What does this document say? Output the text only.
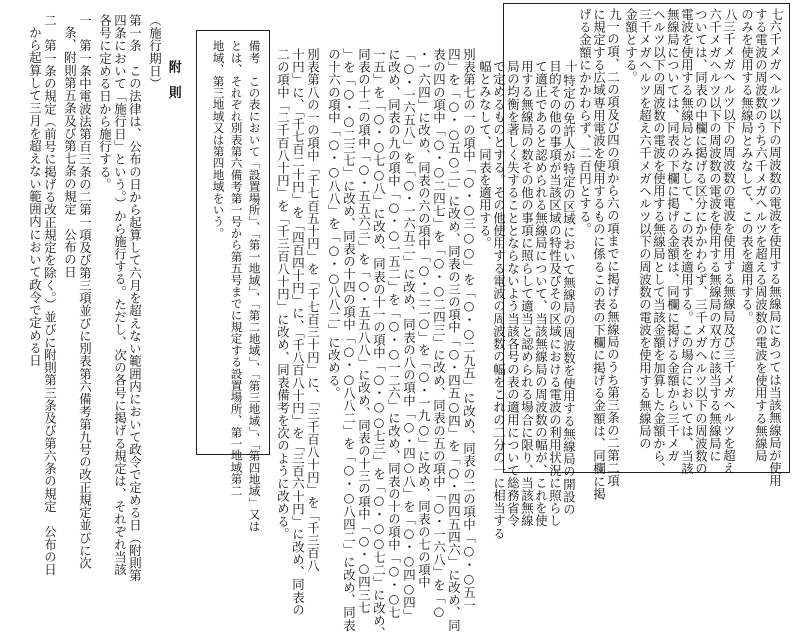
七
六千メガヘルツ以下の周波数の電波を使用する無線局にあつては当該無線局が使用
する電波の周波数のうち六千メガヘルツを超える周波数の電波を使用する無線局
のみを使用する無線局とみなして、この表を適用する。
八
三千メガヘルツ以下の周波数の電波を使用する無線局及び三千メガヘルツを超え
六千メガヘルツ以下の周波数の電波を使用する無線局の双方に該当する無線局に
ついては、同表の中欄に掲げる区分にかかわらず、三千メガヘルツ以下の周波数の
電波を使用する無線局とみなして、この表を適用する。この場合においては、当該
無線局については、同表の下欄に掲げる金額は、同欄に掲げる金額から三千メガ
ヘルツ以下の周波数の電波を使用する無線局として当該金額を加算した金額から、
三千メガヘルツを超え六千メガヘルツ以下の周波数の電波を使用する無線局の
金額とする。
九
一の項、二の項及び四の項から六の項までに掲げる無線局のうち第三条の二第二項
に規定する広域専用電波を使用するものに係るこの表の下欄に掲げる金額は、同欄に掲
げる金額にかかわらず、二百円とする。
十
特定の免許人が特定の区域において無線局の周波数を使用する無線局の開設の
目的その他の事項が当該区域の特性及びその区域における電波の利用状況に照らし
て適正であると認められる無線局について、当該無線局の周波数の幅が、これを使
用する無線局の数その他の事項に照らして適当と認められる場合に限り、当該無線
局の均衡を著しく失することとならないよう当該各号の表の適用について総務省令
で定めるものとする。その他使用する電波の周波数の幅をこれの二分の一に相当する
幅とみなして、同表を適用する。
別表第七の一の項中「○・○三○○」を「○・○二九五」に改め、同表の二の項中「○・○五一
四」を「○・○五○二」に改め、同表の三の項中「○・四五○四」を「○・四四五四六」に改め、同
表の四の項中「○・○二四七」を「○・○二四三」に改め、同表の五の項中「○・一六八」を「○
・一六四」に改め、同表の六の項中「○・二二○」を「○・一九○」に改め、同表の七の項中
「○・一六五八」を「○・一六五二」に改め、同表の八の項中「○・四○八」を「○・○四○四」
に改め、同表の九の項中「○・○一五二」を「○・○一二六」に改め、同表の十の項中「○・○七
一五」を「○・○七○八」に改め、同表の十一の項中「○・○○七三」を「○・○○七二」に改め、
同表の十二の項中「○・五五六三」を「○・五五八八」に改め、同表の十三の項中「○・○四三七
」を「○・○二三七」に改め、同表の十四の項中「○・○八八二」を「○・○八四二」に改め、同表
の十六の項中「○・○八八」を「○・○八八二」に改める。
別表第八の一の項中「千七百五十円」を「千七百三十円」に、「三千百八十円」を「千三百八
十円」に、「千七百二十円」を「四百四十円」に、「千八百八十円」を「三百六十円」に改め、同表の
二の項中「二千百八十円」を「千三百八十円」に改め、同表備考を次のように改める。
備考　この表において「設置場所」、「第一地域」、「第二地域」、「第三地域」、「第四地域」又は
とは、それぞれ別表第六備考第一号から第五号までに規定する設置場所、第一地域第二
地域、第三地域又は第四地域をいう。
附　則
（施行期日）
第一条　この法律は、公布の日から起算して六月を超えない範囲内において政令で定める日（附則第
四条において「施行日」という。）から施行する。ただし、次の各号に掲げる規定は、それぞれ当該
各号に定める日から施行する。
一　第一条中電波法第百三条の二第一項及び第三項並びに別表第六備考第九号の改正規定並びに次
条、附則第五条及び第七条の規定　公布の日
二　第一条の規定（前号に掲げる改正規定を除く。）並びに附則第三条及び第六条の規定　公布の日
から起算して三月を超えない範囲内において政令で定める日
